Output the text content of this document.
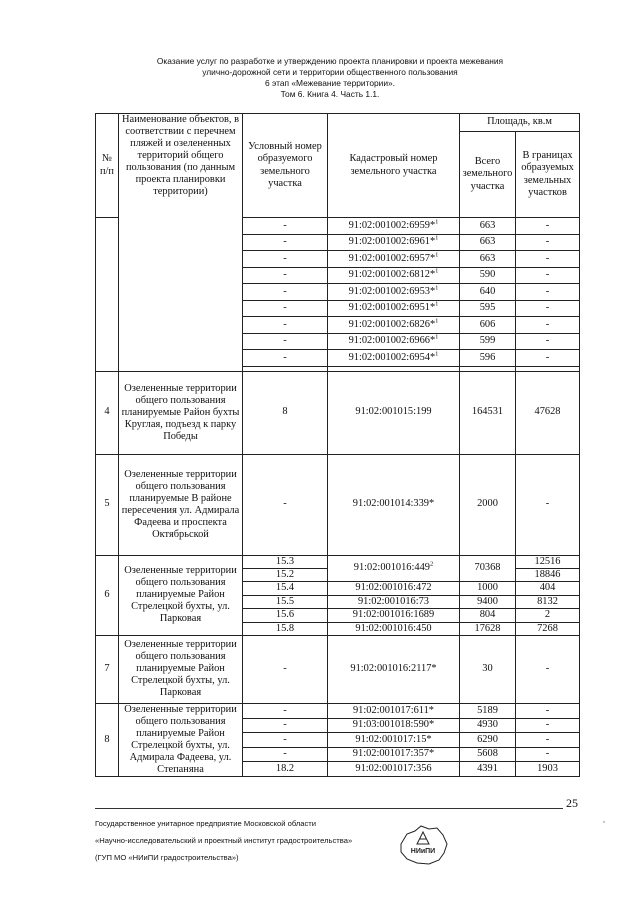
Оказание услуг по разработке и утверждению проекта планировки и проекта межевания
улично-дорожной сети и территории общественного пользования
6 этап «Межевание территории».
Том 6. Книга 4. Часть 1.1.
№ п/п	Наименование объектов, в соответствии с перечнем пляжей и озелененных территорий общего пользования (по данным проекта планировки территории)	Условный номер образуемого земельного участка	Кадастровый номер земельного участка	Площадь, кв.м	
				Всего земельного участка	В границах образуемых земельных участков
		-	91:02:001002:6959*$^1$	663	-
		-	91:02:001002:6961*$^1$	663	-
		-	91:02:001002:6957*$^1$	663	-
		-	91:02:001002:6812*$^1$	590	-
		-	91:02:001002:6953*$^1$	640	-
		-	91:02:001002:6951*$^1$	595	-
		-	91:02:001002:6826*$^1$	606	-
		-	91:02:001002:6966*$^1$	599	-
		-	91:02:001002:6954*$^1$	596	-

4	Озелененные территории общего пользования планируемые Район бухты Круглая, подъезд к парку Победы	8	91:02:001015:199	164531	47628
5	Озелененные территории общего пользования планируемые В районе пересечения ул. Адмирала Фадеева и проспекта Октябрьской	-	91:02:001014:339*	2000	-
6	Озелененные территории общего пользования планируемые Район Стрелецкой бухты, ул. Парковая	15.3	$91:02:001016:449^2$	70368	12516
		15.2			18846
		15.4	91:02:001016:472	1000	404
		15.5	91:02:001016:73	9400	8132
		15.6	91:02:001016:1689	804	2
		15.8	91:02:001016:450	17628	7268
7	Озелененные территории общего пользования планируемые Район Стрелецкой бухты, ул. Парковая	-	91:02:001016:2117*	30	-
8	Озелененные территории общего пользования планируемые Район Стрелецкой бухты, ул. Адмирала Фадеева, ул. Степаняна	-	91:02:001017:611*	5189	-
		-	91:03:001018:590*	4930	-
		-	91:02:001017:15*	6290	-
		-	91:02:001017:357*	5608	-
		18.2	91:02:001017:356	4391	1903
25
Государственное унитарное предприятие Московской области
«Научно-исследовательский и проектный институт градостроительства»
(ГУП МО «НИиПИ градостроительства»)
НИиПИ
,
